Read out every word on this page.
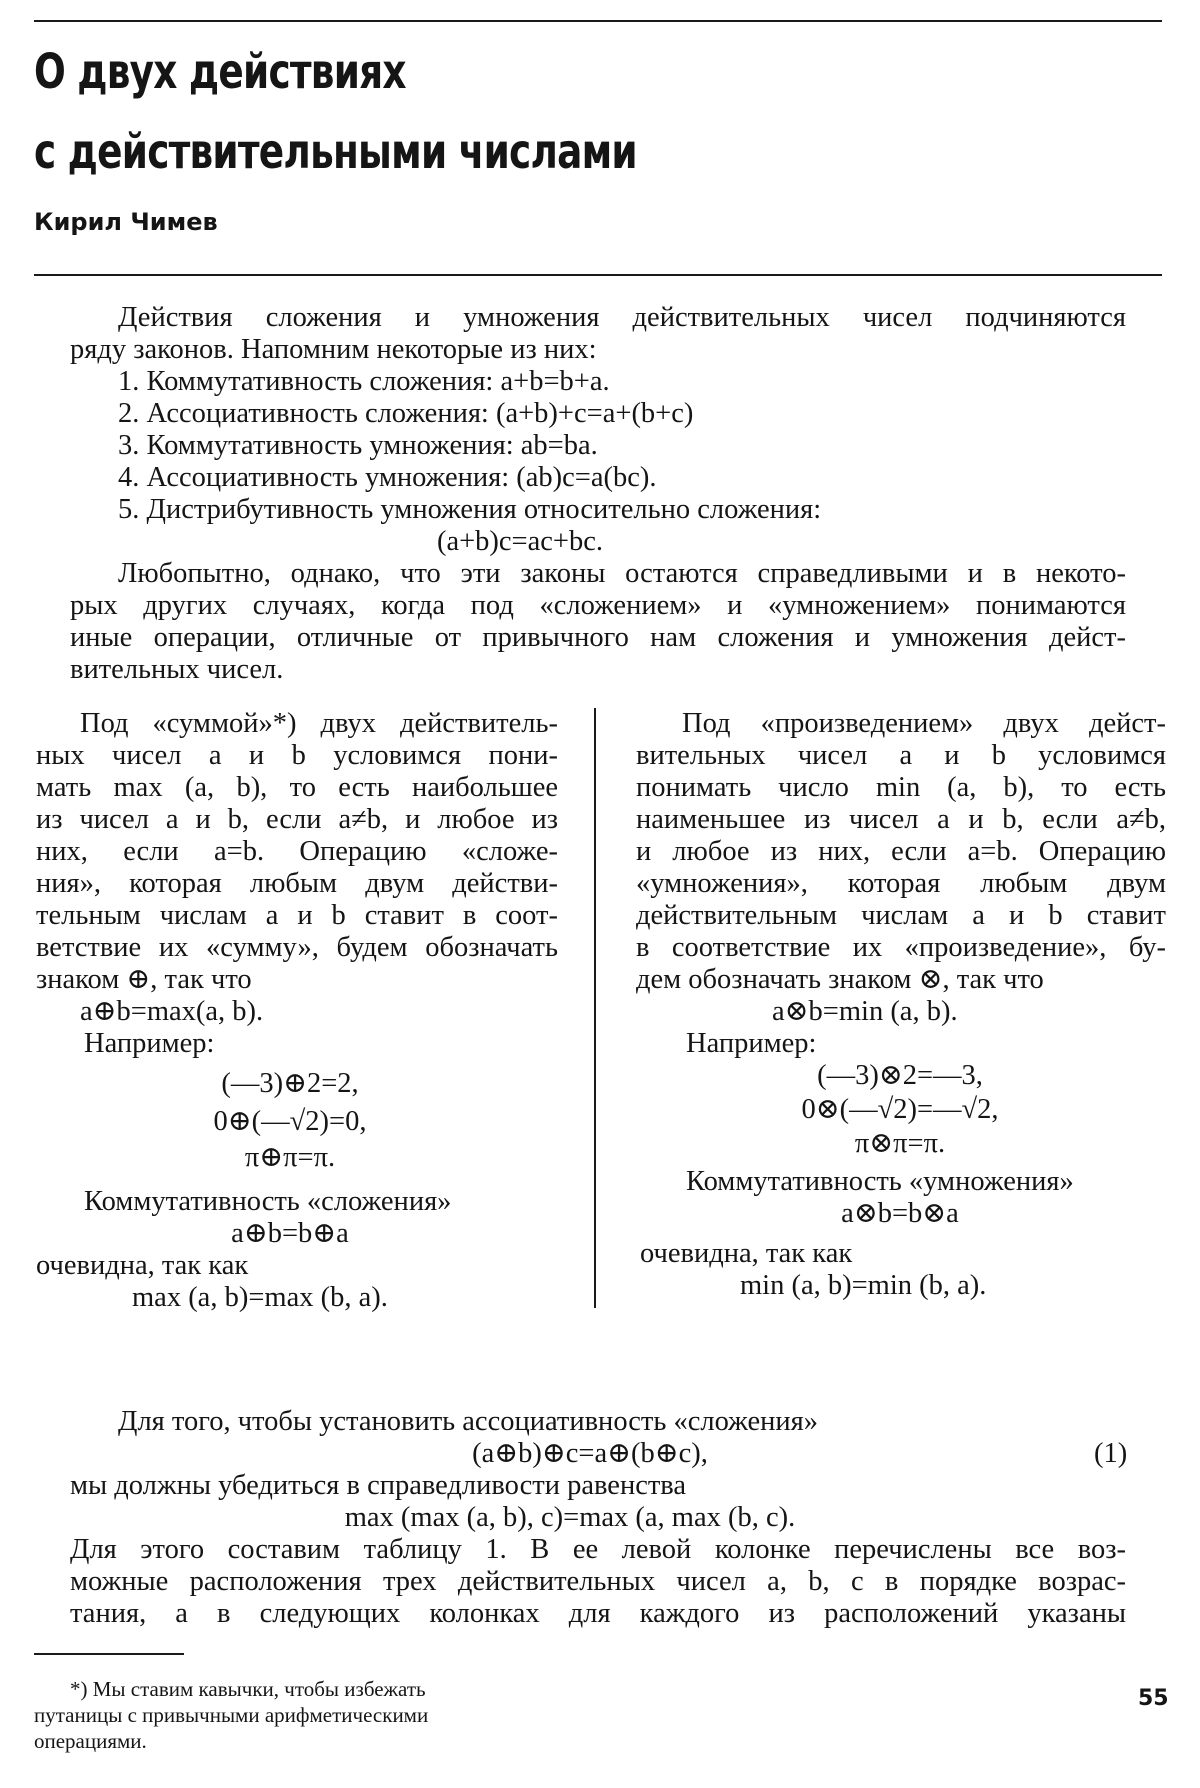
О двух действиях
с действительными числами
Кирил Чимев
Действия сложения и умножения действительных чисел подчиняются
ряду законов. Напомним некоторые из них:
1. Коммутативность сложения: a+b=b+a.
2. Ассоциативность сложения: (a+b)+c=a+(b+c)
3. Коммутативность умножения: ab=ba.
4. Ассоциативность умножения: (ab)c=a(bc).
5. Дистрибутивность умножения относительно сложения:
(a+b)c=ac+bc.
Любопытно, однако, что эти законы остаются справедливыми и в некото-
рых других случаях, когда под «сложением» и «умножением» понимаются
иные операции, отличные от привычного нам сложения и умножения дейст-
вительных чисел.
Под «суммой»*) двух действитель-
ных чисел a и b условимся пони-
мать max (a, b), то есть наибольшее
из чисел a и b, если a≠b, и любое из
них, если a=b. Операцию «сложе-
ния», которая любым двум действи-
тельным числам a и b ставит в соот-
ветствие их «сумму», будем обозначать
знаком ⊕, так что
a⊕b=max(a, b).
Например:
(—3)⊕2=2,
0⊕(—√2)=0,
π⊕π=π.
Коммутативность «сложения»
a⊕b=b⊕a
очевидна, так как
max (a, b)=max (b, a).
Под «произведением» двух дейст-
вительных чисел a и b условимся
понимать число min (a, b), то есть
наименьшее из чисел a и b, если a≠b,
и любое из них, если a=b. Операцию
«умножения», которая любым двум
действительным числам a и b ставит
в соответствие их «произведение», бу-
дем обозначать знаком ⊗, так что
a⊗b=min (a, b).
Например:
(—3)⊗2=—3,
0⊗(—√2)=—√2,
π⊗π=π.
Коммутативность «умножения»
a⊗b=b⊗a
очевидна, так как
min (a, b)=min (b, a).
Для того, чтобы установить ассоциативность «сложения»
(a⊕b)⊕c=a⊕(b⊕c),	(1)
мы должны убедиться в справедливости равенства
max (max (a, b), c)=max (a, max (b, c).
Для этого составим таблицу 1. В ее левой колонке перечислены все воз-
можные расположения трех действительных чисел a, b, c в порядке возрас-
тания, а в следующих колонках для каждого из расположений указаны
*) Мы ставим кавычки, чтобы избежать
путаницы с привычными арифметическими
операциями.
55
